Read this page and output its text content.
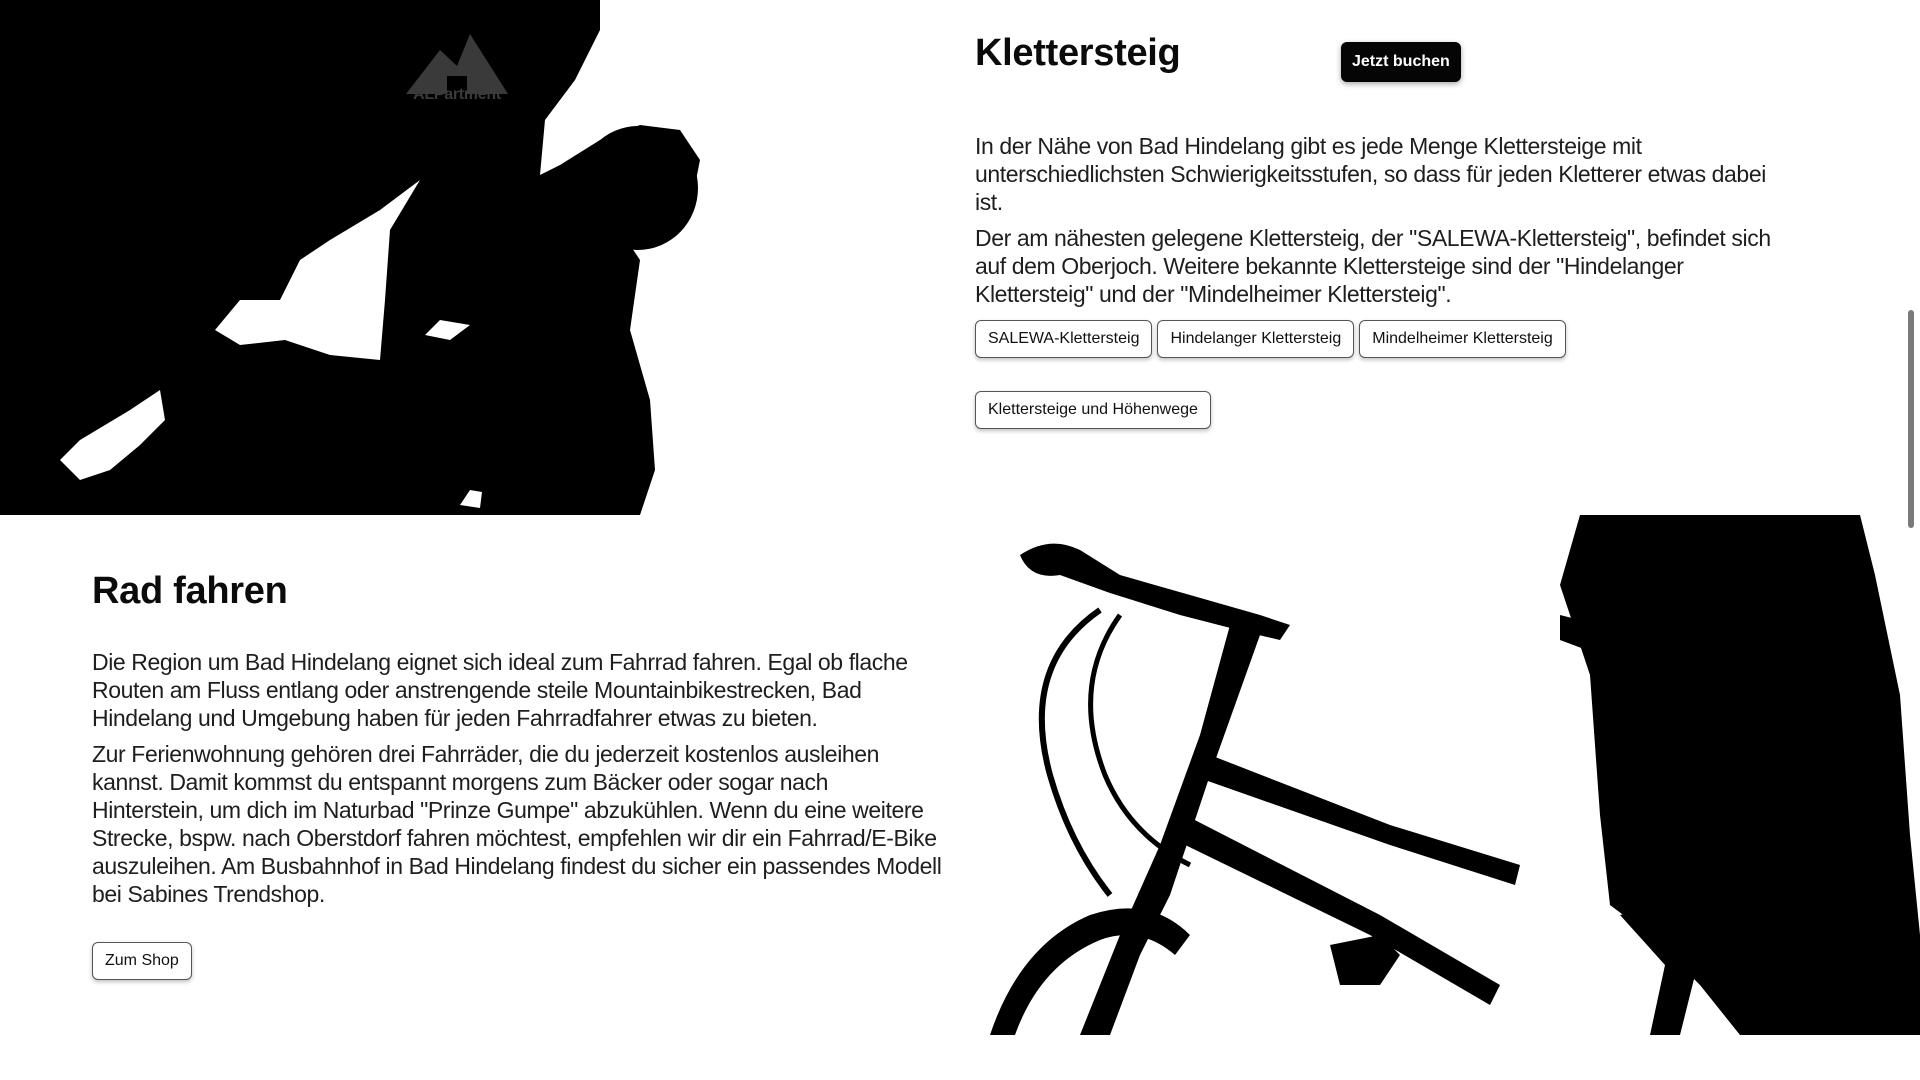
ALPartment
Klettersteig

In der Nähe von Bad Hindelang gibt es jede Menge Klettersteige mit unterschiedlichsten Schwierigkeitsstufen, so dass für jeden Kletterer etwas dabei ist.

Der am nähesten gelegene Klettersteig, der "SALEWA-Klettersteig", befindet sich auf dem Oberjoch. Weitere bekannte Klettersteige sind der "Hindelanger Klettersteig" und der "Mindelheimer Klettersteig".

Jetzt buchen
SALEWA-Klettersteig	Hindelanger Klettersteig	Mindelheimer Klettersteig
Klettersteige und Höhenwege
Rad fahren

Die Region um Bad Hindelang eignet sich ideal zum Fahrrad fahren. Egal ob flache Routen am Fluss entlang oder anstrengende steile Mountainbikestrecken, Bad Hindelang und Umgebung haben für jeden Fahrradfahrer etwas zu bieten.

Zur Ferienwohnung gehören drei Fahrräder, die du jederzeit kostenlos ausleihen kannst. Damit kommst du entspannt morgens zum Bäcker oder sogar nach Hinterstein, um dich im Naturbad "Prinze Gumpe" abzukühlen. Wenn du eine weitere Strecke, bspw. nach Oberstdorf fahren möchtest, empfehlen wir dir ein Fahrrad/E-Bike auszuleihen. Am Busbahnhof in Bad Hindelang findest du sicher ein passendes Modell bei Sabines Trendshop.

Zum Shop
